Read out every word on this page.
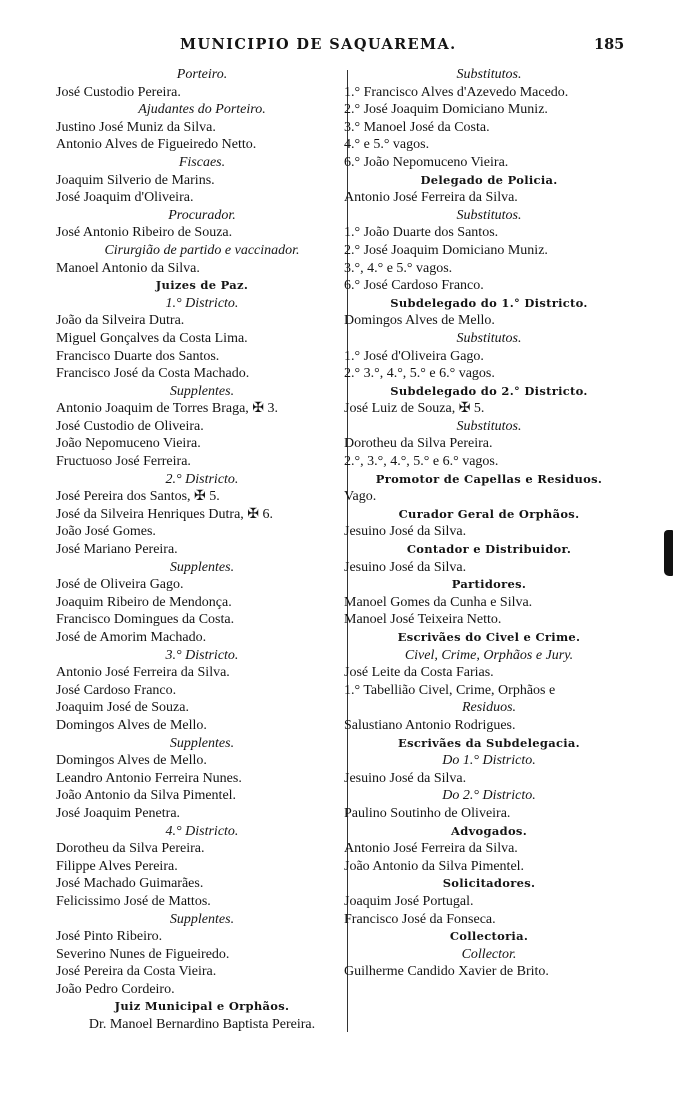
MUNICIPIO DE SAQUAREMA.	185
Porteiro.
José Custodio Pereira.
Ajudantes do Porteiro.
Justino José Muniz da Silva.
Antonio Alves de Figueiredo Netto.
Fiscaes.
Joaquim Silverio de Marins.
José Joaquim d'Oliveira.
Procurador.
José Antonio Ribeiro de Souza.
Cirurgião de partido e vaccinador.
Manoel Antonio da Silva.
Juizes de Paz.
1.° Districto.
João da Silveira Dutra.
Miguel Gonçalves da Costa Lima.
Francisco Duarte dos Santos.
Francisco José da Costa Machado.
Supplentes.
Antonio Joaquim de Torres Braga, ✠ 3.
José Custodio de Oliveira.
João Nepomuceno Vieira.
Fructuoso José Ferreira.
2.° Districto.
José Pereira dos Santos, ✠ 5.
José da Silveira Henriques Dutra, ✠ 6.
João José Gomes.
José Mariano Pereira.
Supplentes.
José de Oliveira Gago.
Joaquim Ribeiro de Mendonça.
Francisco Domingues da Costa.
José de Amorim Machado.
3.° Districto.
Antonio José Ferreira da Silva.
José Cardoso Franco.
Joaquim José de Souza.
Domingos Alves de Mello.
Supplentes.
Domingos Alves de Mello.
Leandro Antonio Ferreira Nunes.
João Antonio da Silva Pimentel.
José Joaquim Penetra.
4.° Districto.
Dorotheu da Silva Pereira.
Filippe Alves Pereira.
José Machado Guimarães.
Felicissimo José de Mattos.
Supplentes.
José Pinto Ribeiro.
Severino Nunes de Figueiredo.
José Pereira da Costa Vieira.
João Pedro Cordeiro.
Juiz Municipal e Orphãos.
Dr. Manoel Bernardino Baptista Pereira.
Substitutos.
1.° Francisco Alves d'Azevedo Macedo.
2.° José Joaquim Domiciano Muniz.
3.° Manoel José da Costa.
4.° e 5.° vagos.
6.° João Nepomuceno Vieira.
Delegado de Policia.
Antonio José Ferreira da Silva.
Substitutos.
1.° João Duarte dos Santos.
2.° José Joaquim Domiciano Muniz.
3.°, 4.° e 5.° vagos.
6.° José Cardoso Franco.
Subdelegado do 1.° Districto.
Domingos Alves de Mello.
Substitutos.
1.° José d'Oliveira Gago.
2.° 3.°, 4.°, 5.° e 6.° vagos.
Subdelegado do 2.° Districto.
José Luiz de Souza, ✠ 5.
Substitutos.
Dorotheu da Silva Pereira.
2.°, 3.°, 4.°, 5.° e 6.° vagos.
Promotor de Capellas e Residuos.
Vago.
Curador Geral de Orphãos.
Jesuino José da Silva.
Contador e Distribuidor.
Jesuino José da Silva.
Partidores.
Manoel Gomes da Cunha e Silva.
Manoel José Teixeira Netto.
Escrivães do Civel e Crime.
Civel, Crime, Orphãos e Jury.
José Leite da Costa Farias.
1.° Tabellião Civel, Crime, Orphãos e
Residuos.
Salustiano Antonio Rodrigues.
Escrivães da Subdelegacia.
Do 1.° Districto.
Jesuino José da Silva.
Do 2.° Districto.
Paulino Soutinho de Oliveira.
Advogados.
Antonio José Ferreira da Silva.
João Antonio da Silva Pimentel.
Solicitadores.
Joaquim José Portugal.
Francisco José da Fonseca.
Collectoria.
Collector.
Guilherme Candido Xavier de Brito.
